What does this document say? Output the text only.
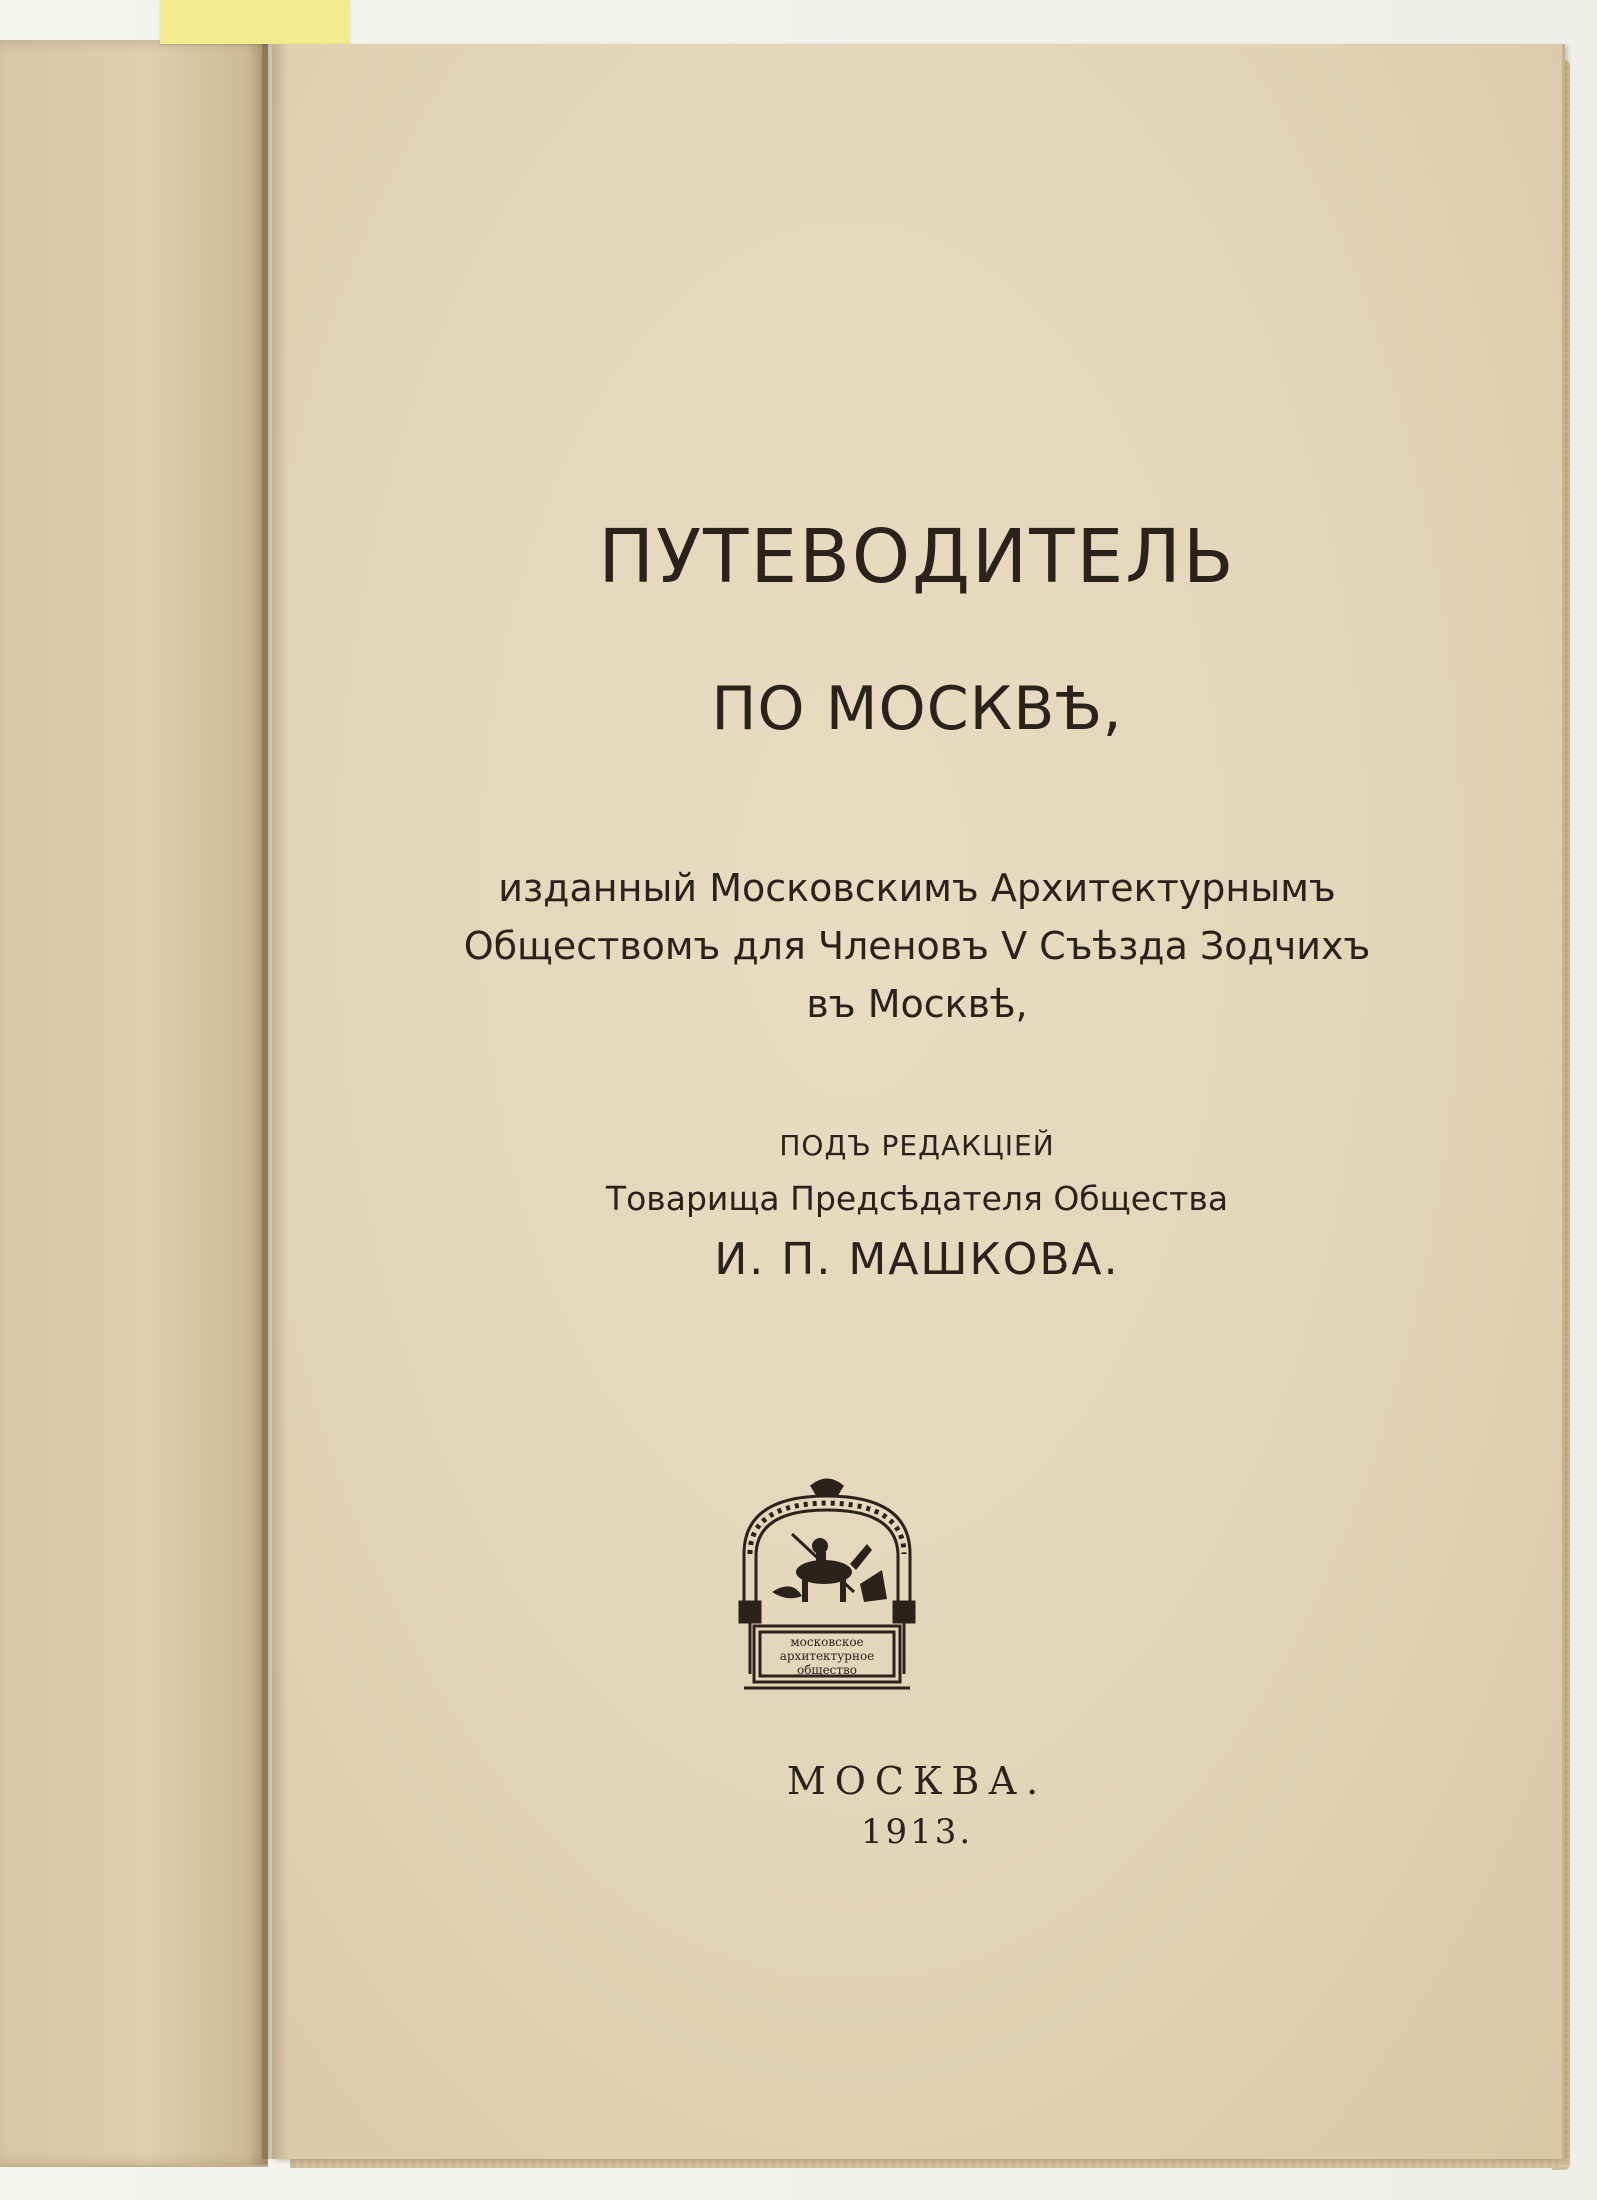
ПУТЕВОДИТЕЛЬ
ПО МОСКВѢ,
изданный Московскимъ Архитектурнымъ
Обществомъ для Членовъ V Съѣзда Зодчихъ
въ Москвѣ,
ПОДЪ РЕДАКЦІЕЙ
Товарища Предсѣдателя Общества
И. П. МАШКОВА.
московское
архитектурное
общество
МОСКВА.
1913.
